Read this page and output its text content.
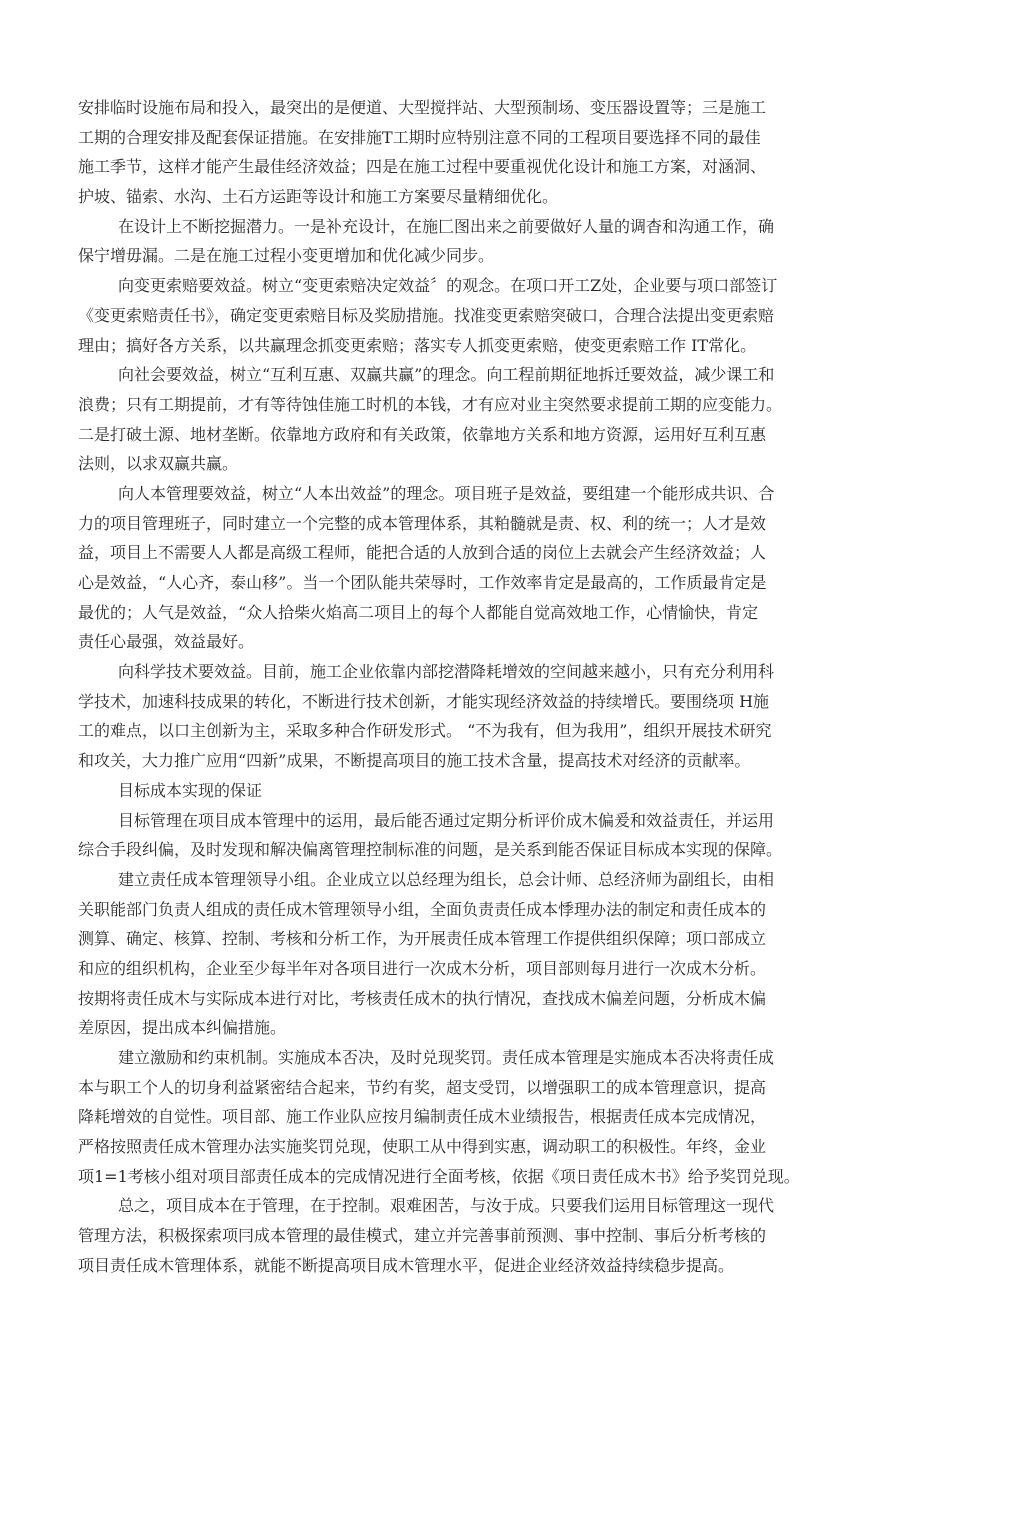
安排临时设施布局和投入，最突出的是便道、大型搅拌站、大型预制场、变压器设置等；三是施工
工期的合理安排及配套保证措施。在安排施T工期时应特别注意不同的工程项目要选择不同的最佳
施工季节，这样才能产生最佳经济效益；四是在施工过程中要重视优化设计和施工方案，对涵洞、
护坡、锚索、水沟、土石方运距等设计和施工方案要尽量精细优化。
在设计上不断挖掘潜力。一是补充设计，在施匚图出来之前要做好人量的调杳和沟通工作，确
保宁增毋漏。二是在施工过程小变更增加和优化减少同步。
向变更索赔要效益。树立“变更索赔决定效益〞的观念。在项口开工Z处，企业要与项口部签订
《变更索赔责任书》，确定变更索赔目标及奖励措施。找准变更索赔突破口，合理合法提出变更索赔
理由；搞好各方关系，以共赢理念抓变更索赔；落实专人抓变更索赔，使变更索赔工作 IT常化。
向社会要效益，树立“互利互惠、双赢共赢”的理念。向工程前期征地拆迁要效益，减少课工和
浪费；只有工期提前，才有等待蚀佳施工时机的本钱，才有应对业主突然要求提前工期的应变能力。
二是打破土源、地材垄断。依靠地方政府和有关政策，依靠地方关系和地方资源，运用好互利互惠
法则，以求双赢共赢。
向人本管理要效益，树立“人本出效益”的理念。项目班子是效益，要组建一个能形成共识、合
力的项目管理班子，同时建立一个完整的成本管理体系，其粕髓就是责、权、利的统一；人才是效
益，项目上不需要人人都是高级工程师，能把合适的人放到合适的岗位上去就会产生经济效益；人
心是效益，“人心齐，泰山移”。当一个团队能共荣辱时，工作效率肯定是最高的，工作质最肯定是
最优的；人气是效益，“众人拾柴火焰高二项目上的每个人都能自觉高效地工作，心情愉快，肯定
责任心最强，效益最好。
向科学技术要效益。目前，施工企业依靠内部挖潜降耗增效的空间越来越小，只有充分利用科
学技术，加速科技成果的转化，不断进行技术创新，才能实现经济效益的持续增氏。要围绕项 H施
工的难点，以口主创新为主，采取多种合作研发形式。 “不为我有，但为我用”，组织开展技术研究
和攻关，大力推广应用“四新”成果，不断提高项目的施工技术含量，提高技术对经济的贡献率。
目标成本实现的保证
目标管理在项目成本管理中的运用，最后能否通过定期分析评价成木偏爰和效益责任，并运用
综合手段纠偏，及时发现和解决偏离管理控制标准的问题，是关系到能否保证目标成本实现的保障。
建立责任成本管理领导小组。企业成立以总经理为组长，总会计师、总经济师为副组长，由相
关职能部门负责人组成的责任成木管理领导小组，全面负责责任成本悸理办法的制定和责任成本的
测算、确定、核算、控制、考核和分析工作，为开展责任成本管理工作提供组织保障；项口部成立
和应的组织机构，企业至少每半年对各项目进行一次成木分析，项目部则每月进行一次成木分析。
按期将责任成木与实际成本进行对比，考核责任成木的执行情况，查找成木偏差问题，分析成木偏
差原因，提出成本纠偏措施。
建立激励和约束机制。实施成本否决，及时兑现奖罚。责任成本管理是实施成本否决将责任成
本与职工个人的切身利益紧密结合起来，节约有奖，超支受罚，以增强职工的成本管理意识，提高
降耗增效的自觉性。项目部、施工作业队应按月编制责任成木业绩报告，根据责任成本完成情况，
严格按照责任成木管理办法实施奖罚兑现，使职工从中得到实惠，调动职工的积极性。年终，金业
项1=1考核小组对项目部责任成本的完成情况进行全面考核，依据《项日责任成木书》给予奖罚兑现。
总之，项目成本在于管理，在于控制。艰难困苦，与汝于成。只要我们运用目标管理这一现代
管理方法，积极探索项冃成本管理的最佳模式，建立并完善事前预测、事中控制、事后分析考核的
项目责任成木管理体系，就能不断提高项目成木管理水平，促进企业经济效益持续稳步提高。
